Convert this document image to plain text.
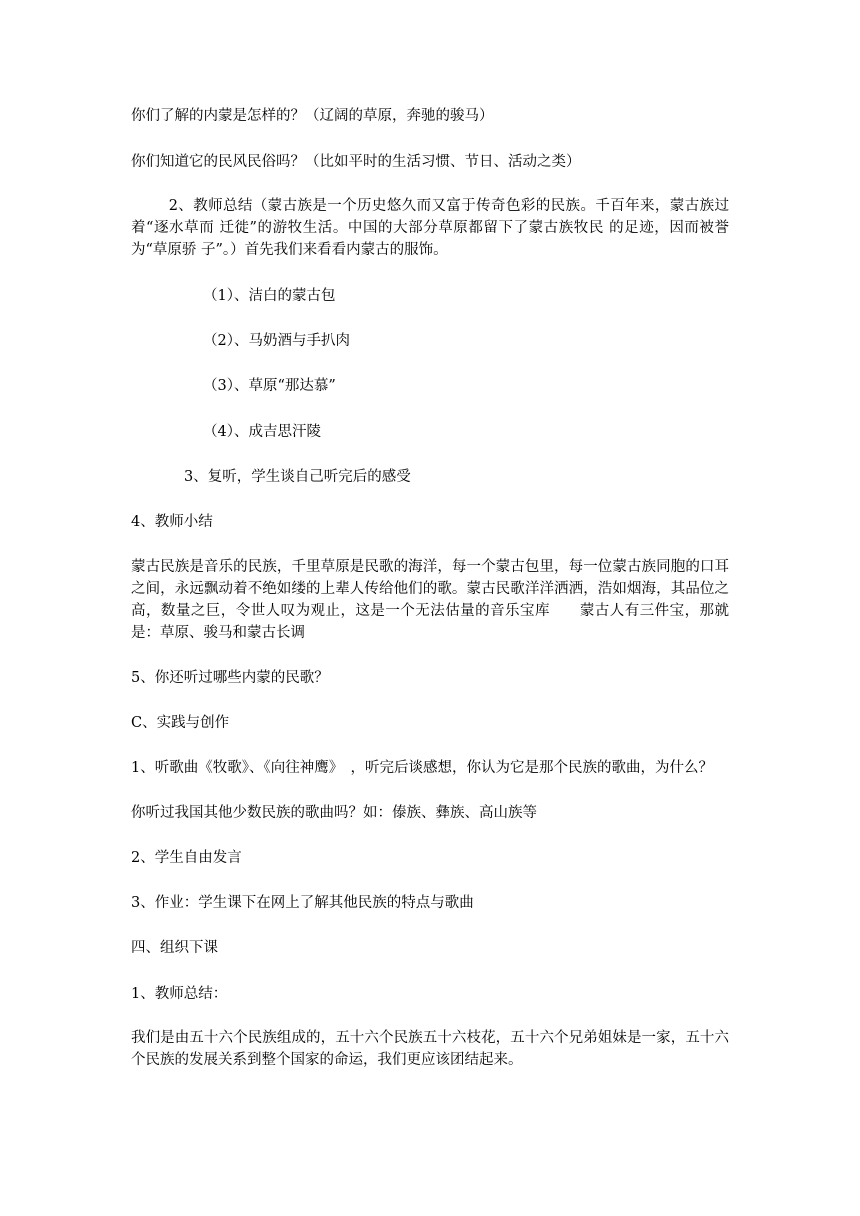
你们了解的内蒙是怎样的？（辽阔的草原，奔驰的骏马）
你们知道它的民风民俗吗？（比如平时的生活习惯、节日、活动之类）
2、教师总结（蒙古族是一个历史悠久而又富于传奇色彩的民族。千百年来，蒙古族过着“逐水草而 迁徙”的游牧生活。中国的大部分草原都留下了蒙古族牧民 的足迹，因而被誉为“草原骄 子”。）首先我们来看看内蒙古的服饰。
（1）、洁白的蒙古包
（2）、马奶酒与手扒肉
（3）、草原“那达慕”
（4）、成吉思汗陵
3、复听，学生谈自己听完后的感受
4、教师小结
蒙古民族是音乐的民族，千里草原是民歌的海洋，每一个蒙古包里，每一位蒙古族同胞的口耳之间，永远飘动着不绝如缕的上辈人传给他们的歌。蒙古民歌洋洋洒洒，浩如烟海，其品位之高，数量之巨，令世人叹为观止，这是一个无法估量的音乐宝库　　蒙古人有三件宝，那就是：草原、骏马和蒙古长调
5、你还听过哪些内蒙的民歌？
C、实践与创作
1、听歌曲《牧歌》、《向往神鹰》　，听完后谈感想，你认为它是那个民族的歌曲，为什么？
你听过我国其他少数民族的歌曲吗？如：傣族、彝族、高山族等
2、学生自由发言
3、作业：学生课下在网上了解其他民族的特点与歌曲
四、组织下课
1、教师总结：
我们是由五十六个民族组成的，五十六个民族五十六枝花，五十六个兄弟姐妹是一家，五十六个民族的发展关系到整个国家的命运，我们更应该团结起来。
